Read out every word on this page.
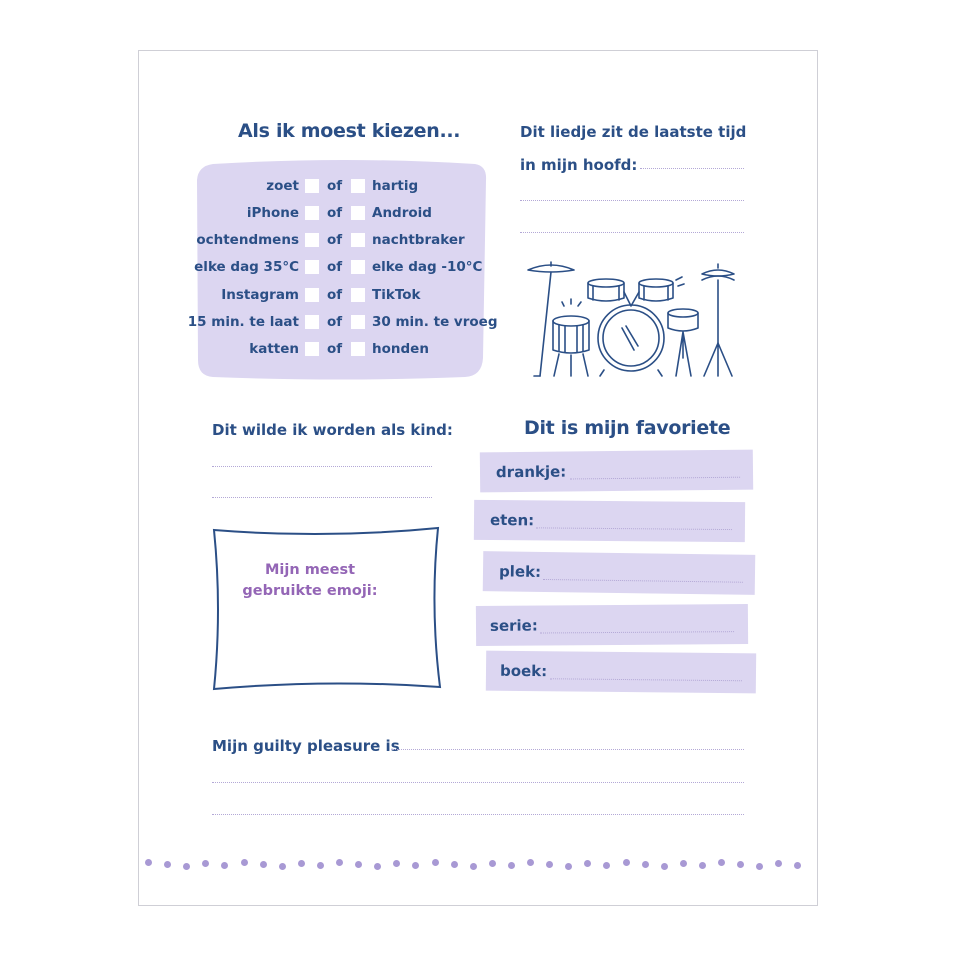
Als ik moest kiezen...
zoet of hartig
iPhone of Android
ochtendmens of nachtbraker
elke dag 35°C of elke dag -10°C
Instagram of TikTok
15 min. te laat of 30 min. te vroeg
katten of honden
Dit liedje zit de laatste tijd
in mijn hoofd:
Dit wilde ik worden als kind:
Mijn meest
gebruikte emoji:
Dit is mijn favoriete
drankje:
eten:
plek:
serie:
boek:
Mijn guilty pleasure is
